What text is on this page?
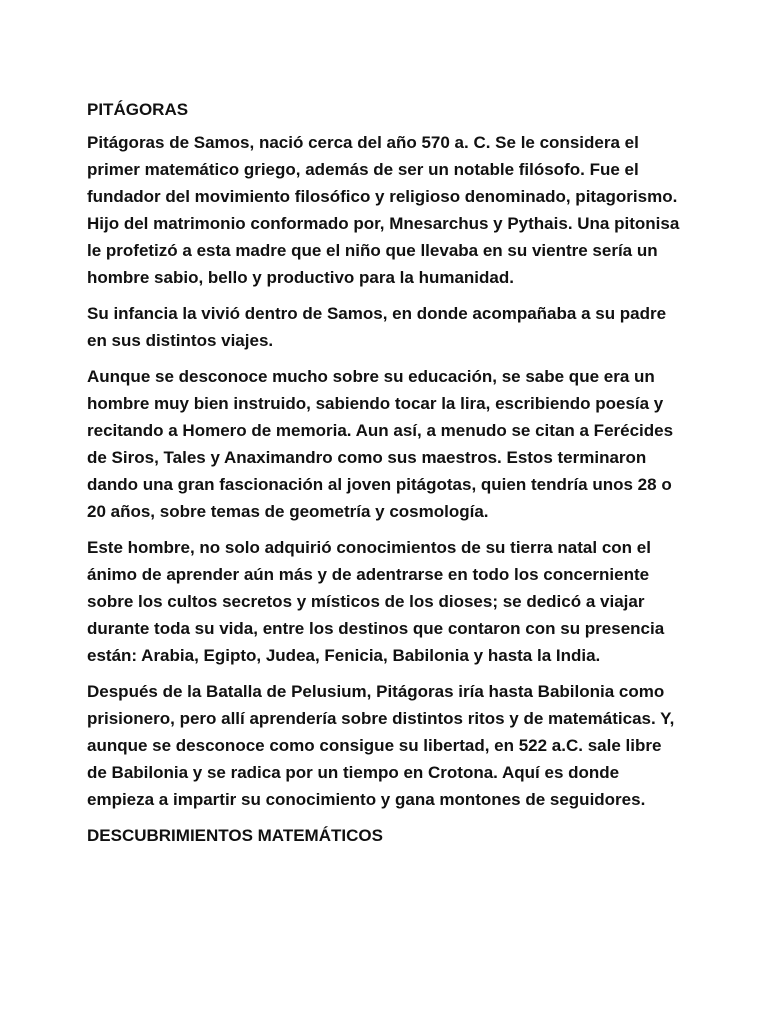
PITÁGORAS

Pitágoras de Samos, nació cerca del año 570 a. C. Se le considera el primer matemático griego, además de ser un notable filósofo. Fue el fundador del movimiento filosófico y religioso denominado, pitagorismo. Hijo del matrimonio conformado por, Mnesarchus y Pythais. Una pitonisa le profetizó a esta madre que el niño que llevaba en su vientre sería un hombre sabio, bello y productivo para la humanidad.

Su infancia la vivió dentro de Samos, en donde acompañaba a su padre en sus distintos viajes.

Aunque se desconoce mucho sobre su educación, se sabe que era un hombre muy bien instruido, sabiendo tocar la lira, escribiendo poesía y recitando a Homero de memoria. Aun así, a menudo se citan a Ferécides de Siros, Tales y Anaximandro como sus maestros. Estos terminaron dando una gran fascionación al joven pitágotas, quien tendría unos 28 o 20 años, sobre temas de geometría y cosmología.

Este hombre, no solo adquirió conocimientos de su tierra natal con el ánimo de aprender aún más y de adentrarse en todo los concerniente sobre los cultos secretos y místicos de los dioses; se dedicó a viajar durante toda su vida, entre los destinos que contaron con su presencia están: Arabia, Egipto, Judea, Fenicia, Babilonia y hasta la India.

Después de la Batalla de Pelusium, Pitágoras iría hasta Babilonia como prisionero, pero allí aprendería sobre distintos ritos y de matemáticas. Y, aunque se desconoce como consigue su libertad, en 522 a.C. sale libre de Babilonia y se radica por un tiempo en Crotona. Aquí es donde empieza a impartir su conocimiento y gana montones de seguidores.

DESCUBRIMIENTOS MATEMÁTICOS
